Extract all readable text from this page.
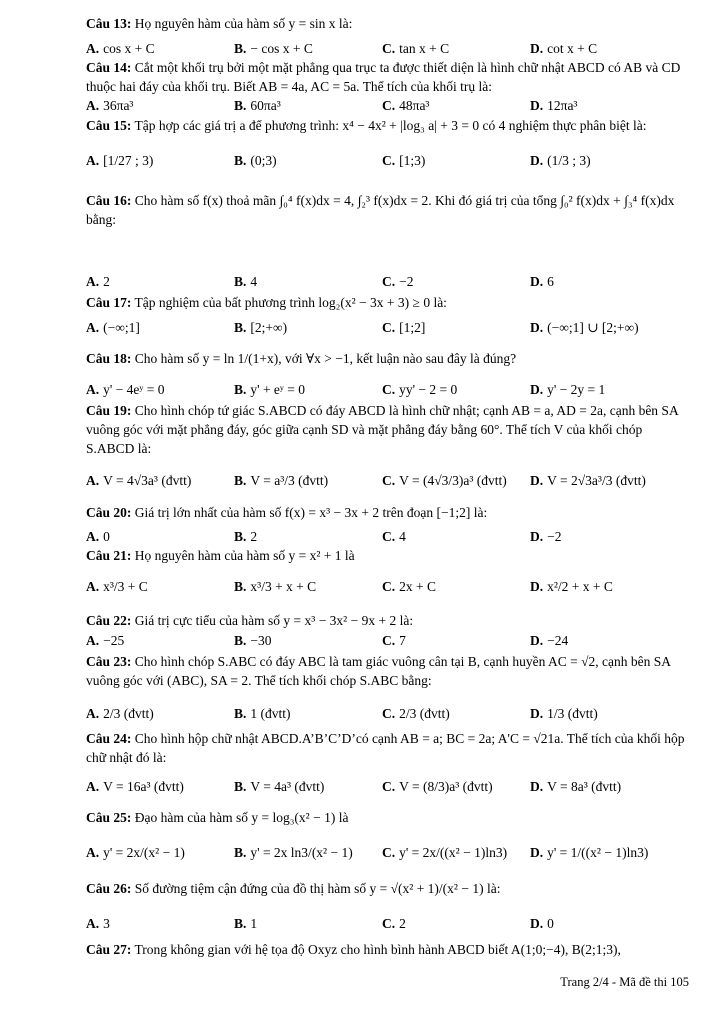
Câu 13: Họ nguyên hàm của hàm số y = sin x là:
A. cos x + C	B. − cos x + C	C. tan x + C	D. cot x + C
Câu 14: Cắt một khối trụ bởi một mặt phẳng qua trục ta được thiết diện là hình chữ nhật ABCD có AB và CD thuộc hai đáy của khối trụ. Biết AB = 4a, AC = 5a. Thể tích của khối trụ là:
A. 36πa³	B. 60πa³	C. 48πa³	D. 12πa³
Câu 15: Tập hợp các giá trị a để phương trình: x⁴ − 4x² + |log₃ a| + 3 = 0 có 4 nghiệm thực phân biệt là:
A. [1/27 ; 3)	B. (0;3)	C. [1;3)	D. (1/3 ; 3)
Câu 16: Cho hàm số f(x) thoả mãn ∫₀⁴ f(x)dx = 4, ∫₂³ f(x)dx = 2. Khi đó giá trị của tổng ∫₀² f(x)dx + ∫₃⁴ f(x)dx bằng:
A. 2	B. 4	C. −2	D. 6
Câu 17: Tập nghiệm của bất phương trình log₂(x² − 3x + 3) ≥ 0 là:
A. (−∞;1]	B. [2;+∞)	C. [1;2]	D. (−∞;1] ∪ [2;+∞)
Câu 18: Cho hàm số y = ln 1/(1+x), với ∀x > −1, kết luận nào sau đây là đúng?
A. y' − 4eʸ = 0	B. y' + eʸ = 0	C. yy' − 2 = 0	D. y' − 2y = 1
Câu 19: Cho hình chóp tứ giác S.ABCD có đáy ABCD là hình chữ nhật; cạnh AB = a, AD = 2a, cạnh bên SA vuông góc với mặt phẳng đáy, góc giữa cạnh SD và mặt phẳng đáy bằng 60°. Thể tích V của khối chóp S.ABCD là:
A. V = 4√3a³ (đvtt)	B. V = a³/3 (đvtt)	C. V = (4√3/3)a³ (đvtt) D. V = 2√3a³/3 (đvtt)
Câu 20: Giá trị lớn nhất của hàm số f(x) = x³ − 3x + 2 trên đoạn [−1;2] là:
A. 0	B. 2	C. 4	D. −2
Câu 21: Họ nguyên hàm của hàm số y = x² + 1 là
A. x³/3 + C	B. x³/3 + x + C	C. 2x + C	D. x²/2 + x + C
Câu 22: Giá trị cực tiểu của hàm số y = x³ − 3x² − 9x + 2 là:
A. −25	B. −30	C. 7	D. −24
Câu 23: Cho hình chóp S.ABC có đáy ABC là tam giác vuông cân tại B, cạnh huyền AC = √2, cạnh bên SA vuông góc với (ABC), SA = 2. Thể tích khối chóp S.ABC bằng:
A. 2/3 (đvtt)	B. 1 (đvtt)	C. 2/3 (đvtt)	D. 1/3 (đvtt)
Câu 24: Cho hình hộp chữ nhật ABCD.A’B’C’D’có cạnh AB = a; BC = 2a; A'C = √21a. Thể tích của khối hộp chữ nhật đó là:
A. V = 16a³ (đvtt)	B. V = 4a³ (đvtt)	C. V = (8/3)a³ (đvtt)	D. V = 8a³ (đvtt)
Câu 25: Đạo hàm của hàm số y = log₃(x² − 1) là
A. y' = 2x/(x² − 1)	B. y' = 2x ln3/(x² − 1) C. y' = 2x/((x² − 1)ln3) D. y' = 1/((x² − 1)ln3)
Câu 26: Số đường tiệm cận đứng của đồ thị hàm số y = √(x² + 1)/(x² − 1) là:
A. 3	B. 1	C. 2	D. 0
Câu 27: Trong không gian với hệ tọa độ Oxyz cho hình bình hành ABCD biết A(1;0;−4), B(2;1;3),
Trang 2/4 - Mã đề thi 105
